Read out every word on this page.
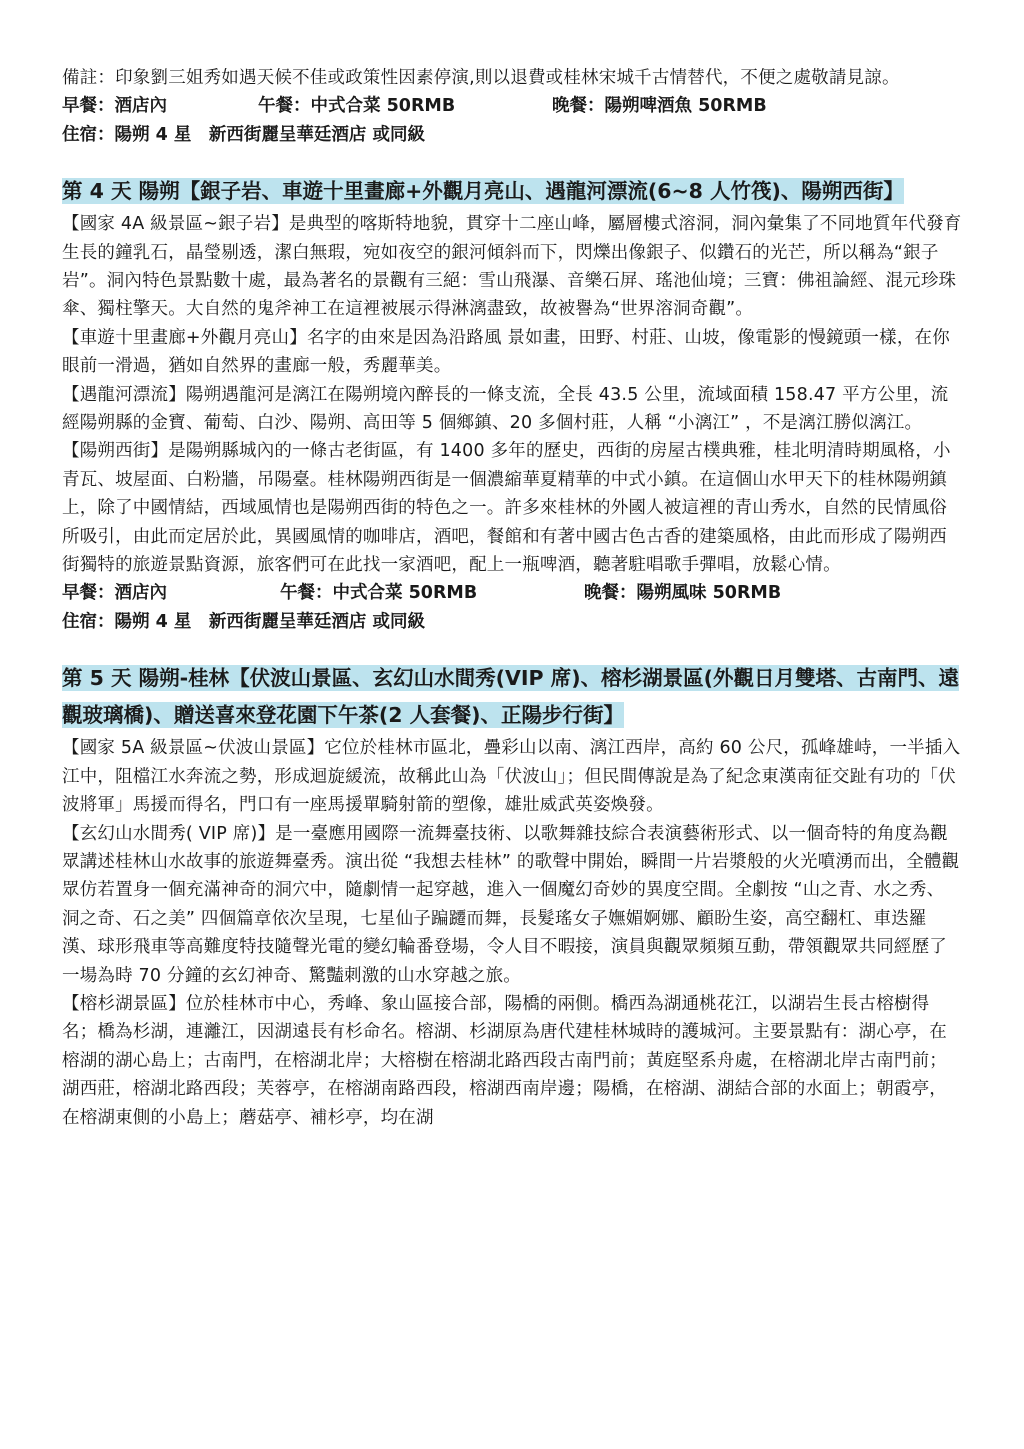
備註：印象劉三姐秀如遇天候不佳或政策性因素停演,則以退費或桂林宋城千古情替代，不便之處敬請見諒。

早餐：酒店內	午餐：中式合菜 50RMB	晚餐：陽朔啤酒魚 50RMB

住宿：陽朔 4 星　新西街麗呈華廷酒店 或同級

第 4 天 陽朔【銀子岩、車遊十里畫廊+外觀月亮山、遇龍河漂流(6~8 人竹筏)、陽朔西街】

【國家 4A 級景區~銀子岩】是典型的喀斯特地貌，貫穿十二座山峰，屬層樓式溶洞，洞內彙集了不同地質年代發育生長的鐘乳石，晶瑩剔透，潔白無瑕，宛如夜空的銀河傾斜而下，閃爍出像銀子、似鑽石的光芒，所以稱為“銀子岩”。洞內特色景點數十處，最為著名的景觀有三絕：雪山飛瀑、音樂石屏、瑤池仙境；三寶：佛祖論經、混元珍珠傘、獨柱擎天。大自然的鬼斧神工在這裡被展示得淋漓盡致，故被譽為“世界溶洞奇觀”。

【車遊十里畫廊+外觀月亮山】名字的由來是因為沿路風 景如畫，田野、村莊、山坡，像電影的慢鏡頭一樣，在你眼前一滑過，猶如自然界的畫廊一般，秀麗華美。

【遇龍河漂流】陽朔遇龍河是漓江在陽朔境內醉長的一條支流，全長 43.5 公里，流域面積 158.47 平方公里，流經陽朔縣的金寶、葡萄、白沙、陽朔、高田等 5 個鄉鎮、20 多個村莊，人稱 “小漓江” ，不是漓江勝似漓江。

【陽朔西街】是陽朔縣城內的一條古老街區，有 1400 多年的歷史，西街的房屋古樸典雅，桂北明清時期風格，小青瓦、坡屋面、白粉牆，吊陽臺。桂林陽朔西街是一個濃縮華夏精華的中式小鎮。在這個山水甲天下的桂林陽朔鎮上，除了中國情結，西域風情也是陽朔西街的特色之一。許多來桂林的外國人被這裡的青山秀水，自然的民情風俗所吸引，由此而定居於此，異國風情的咖啡店，酒吧，餐館和有著中國古色古香的建築風格，由此而形成了陽朔西街獨特的旅遊景點資源，旅客們可在此找一家酒吧，配上一瓶啤酒，聽著駐唱歌手彈唱，放鬆心情。

早餐：酒店內	午餐：中式合菜 50RMB	晚餐：陽朔風味 50RMB

住宿：陽朔 4 星　新西街麗呈華廷酒店 或同級

第 5 天 陽朔-桂林【伏波山景區、玄幻山水間秀(VIP 席)、榕杉湖景區(外觀日月雙塔、古南門、遠觀玻璃橋)、贈送喜來登花園下午茶(2 人套餐)、正陽步行街】

【國家 5A 級景區~伏波山景區】它位於桂林市區北，疊彩山以南、漓江西岸，高約 60 公尺，孤峰雄峙，一半插入江中，阻檔江水奔流之勢，形成迴旋緩流，故稱此山為「伏波山」；但民間傳說是為了紀念東漢南征交趾有功的「伏波將軍」馬援而得名，門口有一座馬援單騎射箭的塑像，雄壯威武英姿煥發。

【玄幻山水間秀( VIP 席)】是一臺應用國際一流舞臺技術、以歌舞雜技綜合表演藝術形式、以一個奇特的角度為觀眾講述桂林山水故事的旅遊舞臺秀。演出從 “我想去桂林” 的歌聲中開始，瞬間一片岩漿般的火光噴湧而出，全體觀眾仿若置身一個充滿神奇的洞穴中，隨劇情一起穿越，進入一個魔幻奇妙的異度空間。全劇按 “山之青、水之秀、洞之奇、石之美” 四個篇章依次呈現，七星仙子蹁躚而舞，長髮瑤女子嫵媚婀娜、顧盼生姿，高空翻杠、車迭羅漢、球形飛車等高難度特技隨聲光電的變幻輪番登場，令人目不暇接，演員與觀眾頻頻互動，帶領觀眾共同經歷了一場為時 70 分鐘的玄幻神奇、驚豔刺激的山水穿越之旅。

【榕杉湖景區】位於桂林市中心，秀峰、象山區接合部，陽橋的兩側。橋西為湖通桃花江，以湖岩生長古榕樹得名；橋為杉湖，連灕江，因湖遠長有杉命名。榕湖、杉湖原為唐代建桂林城時的護城河。主要景點有：湖心亭，在榕湖的湖心島上；古南門，在榕湖北岸；大榕樹在榕湖北路西段古南門前；黃庭堅系舟處，在榕湖北岸古南門前；湖西莊，榕湖北路西段；芙蓉亭，在榕湖南路西段，榕湖西南岸邊；陽橋，在榕湖、湖結合部的水面上；朝霞亭，在榕湖東側的小島上；蘑菇亭、補杉亭，均在湖
